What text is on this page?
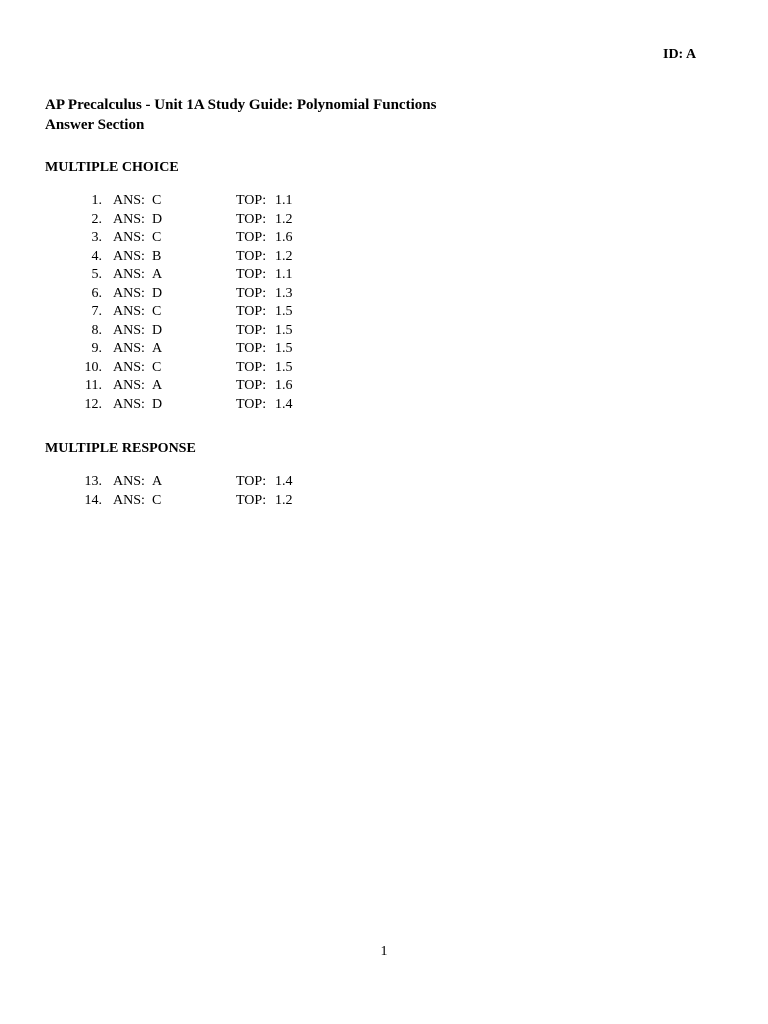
ID: A
AP Precalculus - Unit 1A Study Guide: Polynomial Functions
Answer Section
MULTIPLE CHOICE
1. ANS: C	TOP: 1.1
2. ANS: D	TOP: 1.2
3. ANS: C	TOP: 1.6
4. ANS: B	TOP: 1.2
5. ANS: A	TOP: 1.1
6. ANS: D	TOP: 1.3
7. ANS: C	TOP: 1.5
8. ANS: D	TOP: 1.5
9. ANS: A	TOP: 1.5
10. ANS: C	TOP: 1.5
11. ANS: A	TOP: 1.6
12. ANS: D	TOP: 1.4
MULTIPLE RESPONSE
13. ANS: A	TOP: 1.4
14. ANS: C	TOP: 1.2
1
